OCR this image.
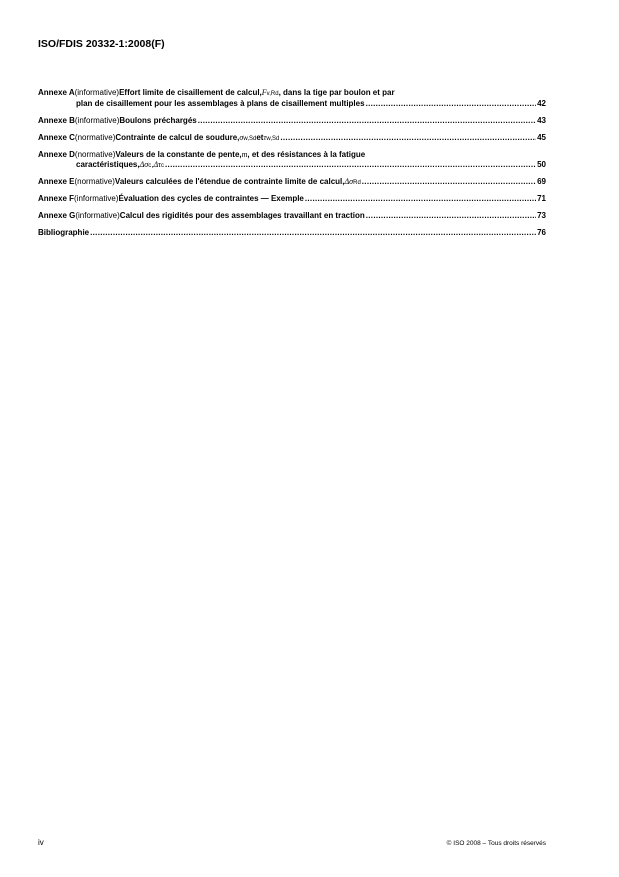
ISO/FDIS 20332-1:2008(F)
Annexe A (informative) Effort limite de cisaillement de calcul, F v,Rd , dans la tige par boulon et par
plan de cisaillement pour les assemblages à plans de cisaillement multiples .....	42
Annexe B (informative) Boulons préchargés .....	43
Annexe C (normative) Contrainte de calcul de soudure, σ w,Sd et τ w,Sd .....	45
Annexe D (normative) Valeurs de la constante de pente, m , et des résistances à la fatigue
caractéristiques, Δσ c , Δτ c .....	50
Annexe E (normative) Valeurs calculées de l'étendue de contrainte limite de calcul, Δσ Rd .....	69
Annexe F (informative) Évaluation des cycles de contraintes — Exemple .....	71
Annexe G (informative) Calcul des rigidités pour des assemblages travaillant en traction .....	73
Bibliographie .....	76
iv	© ISO 2008 – Tous droits réservés
